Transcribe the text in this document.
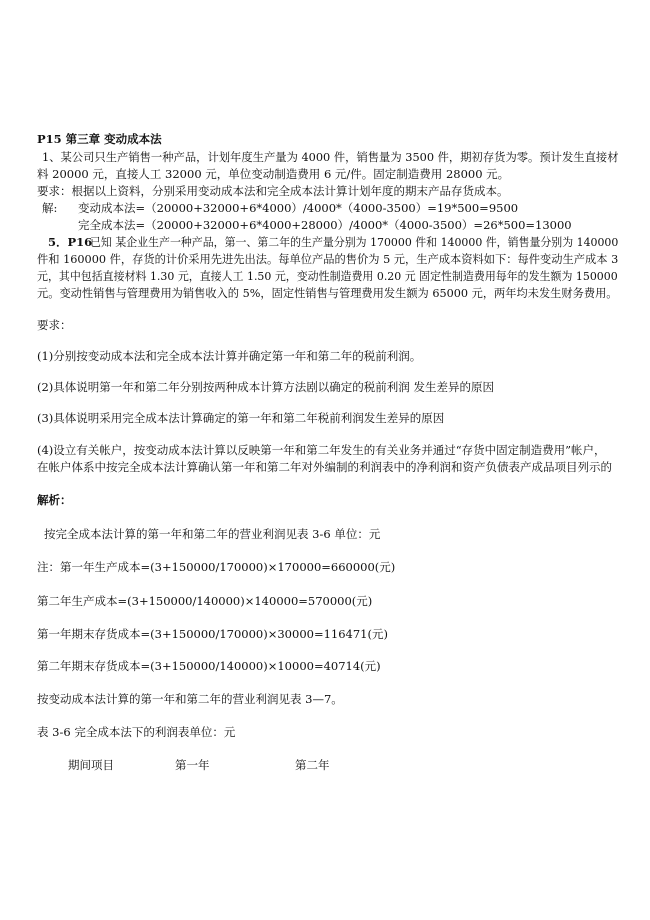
P15 第三章 变动成本法
1、某公司只生产销售一种产品，计划年度生产量为 4000 件，销售量为 3500 件，期初存货为零。预计发生直接材
料 20000 元，直接人工 32000 元，单位变动制造费用 6 元/件。固定制造费用 28000 元。
要求：根据以上资料，分别采用变动成本法和完全成本法计算计划年度的期末产品存货成本。
解: 变动成本法=（20000+32000+6*4000）/4000*（4000-3500）=19*500=9500
完全成本法=（20000+32000+6*4000+28000）/4000*（4000-3500）=26*500=13000
5．P16
已知 某企业生产一种产品，第一、第二年的生产量分别为 170000 件和 140000 件，销售量分别为 140000
件和 160000 件，存货的计价采用先进先出法。每单位产品的售价为 5 元，生产成本资料如下：每件变动生产成本 3
元，其中包括直接材料 1.30 元，直接人工 1.50 元，变动性制造费用 0.20 元 固定性制造费用每年的发生额为 150000
元。变动性销售与管理费用为销售收入的 5%，固定性销售与管理费用发生额为 65000 元，两年均未发生财务费用。
要求：
(1)分别按变动成本法和完全成本法计算并确定第一年和第二年的税前利润。
(2)具体说明第一年和第二年分别按两种成本计算方法剧以确定的税前利润 发生差异的原因
(3)具体说明采用完全成本法计算确定的第一年和第二年税前利润发生差异的原因
(4)设立有关帐户，按变动成本法计算以反映第一年和第二年发生的有关业务并通过“存货中固定制造费用”帐户，
在帐户体系中按完全成本法计算确认第一年和第二年对外编制的利润表中的净利润和资产负债表产成品项目列示的
解析：
按完全成本法计算的第一年和第二年的营业利润见表 3-6 单位：元
注：第一年生产成本=(3+150000/170000)×170000=660000(元)
第二年生产成本=(3+150000/140000)×140000=570000(元)
第一年期末存货成本=(3+150000/170000)×30000=116471(元)
第二年期末存货成本=(3+150000/140000)×10000=40714(元)
按变动成本法计算的第一年和第二年的营业利润见表 3—7。
表 3-6 完全成本法下的利润表单位：元
期间项目	第一年	第二年
